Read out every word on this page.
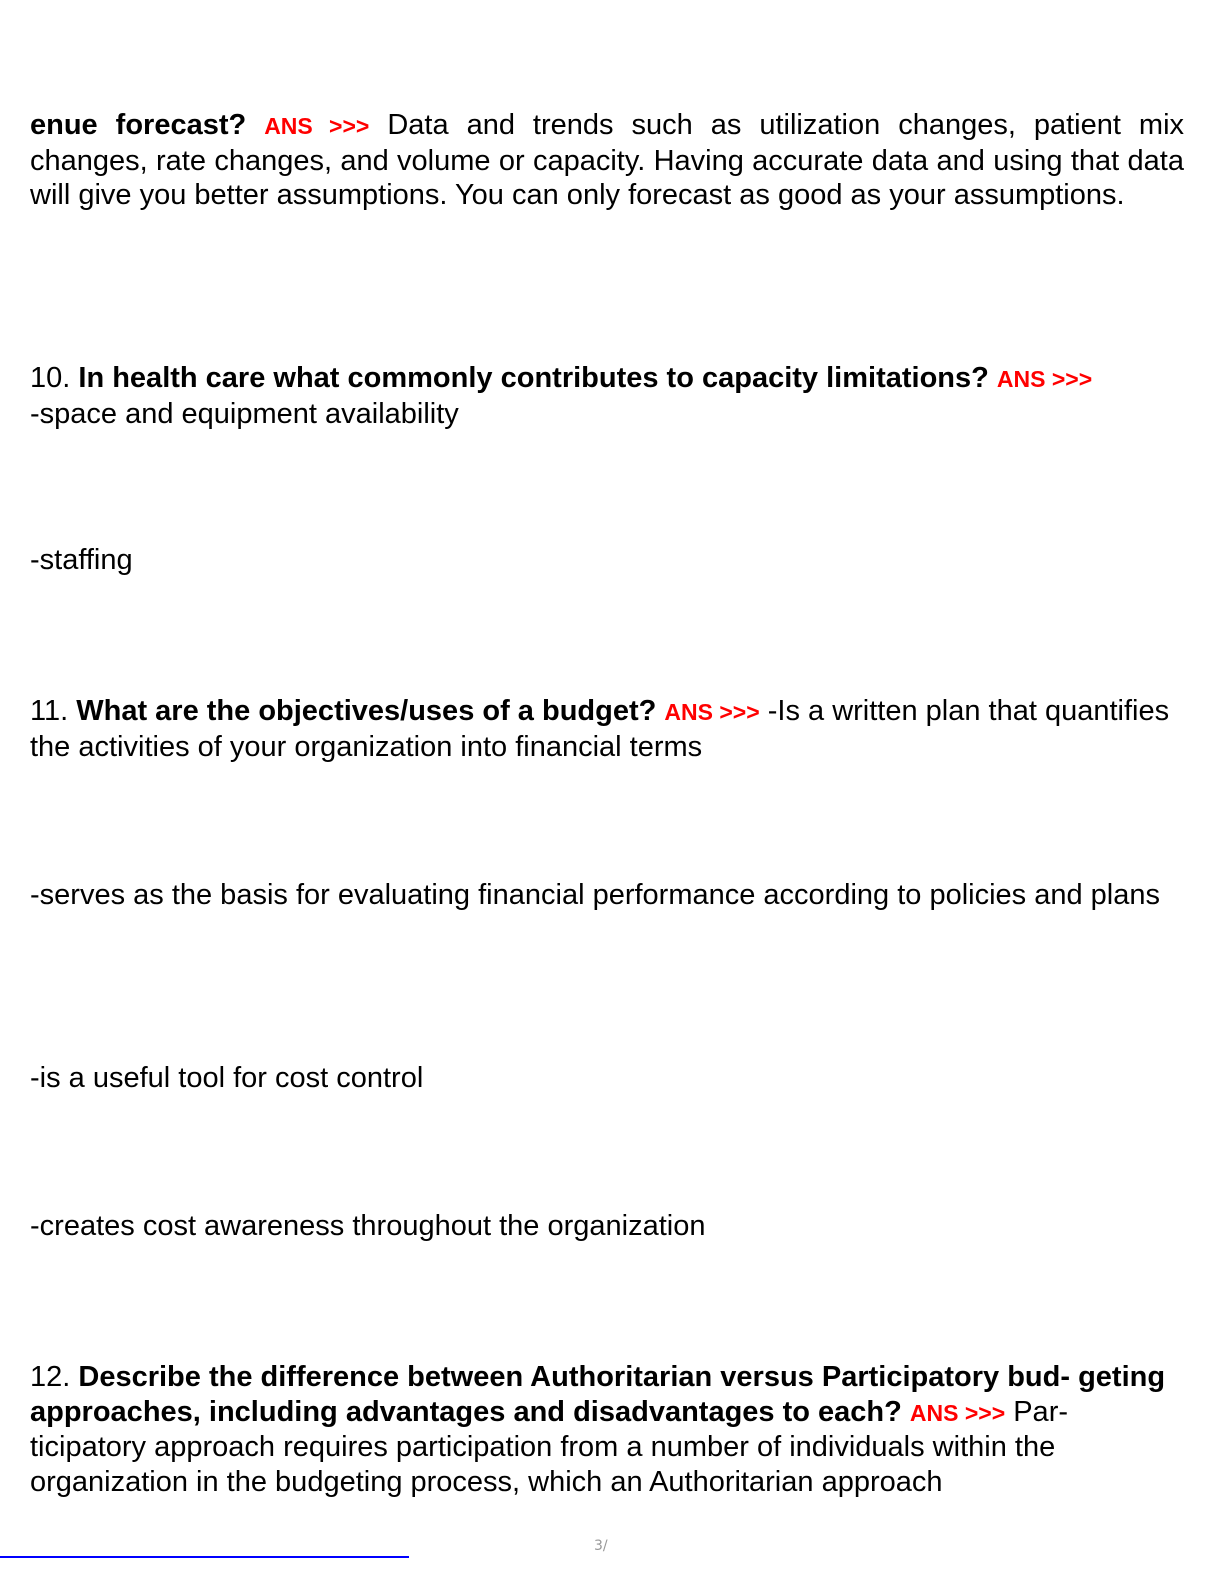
enue forecast? ANS >>> Data and trends such as utilization changes, patient mix changes, rate changes, and volume or capacity. Having accurate data and using that data will give you better assumptions. You can only forecast as good as your assumptions.

10. In health care what commonly contributes to capacity limitations? ANS >>>
-space and equipment availability

-staffing

11. What are the objectives/uses of a budget? ANS >>> -Is a written plan that quantifies the activities of your organization into financial terms

-serves as the basis for evaluating financial performance according to policies and plans

-is a useful tool for cost control

-creates cost awareness throughout the organization

12. Describe the difference between Authoritarian versus Participatory bud- geting approaches, including advantages and disadvantages to each? ANS >>> Par- ticipatory approach requires participation from a number of individuals within the organization in the budgeting process, which an Authoritarian approach

3/
